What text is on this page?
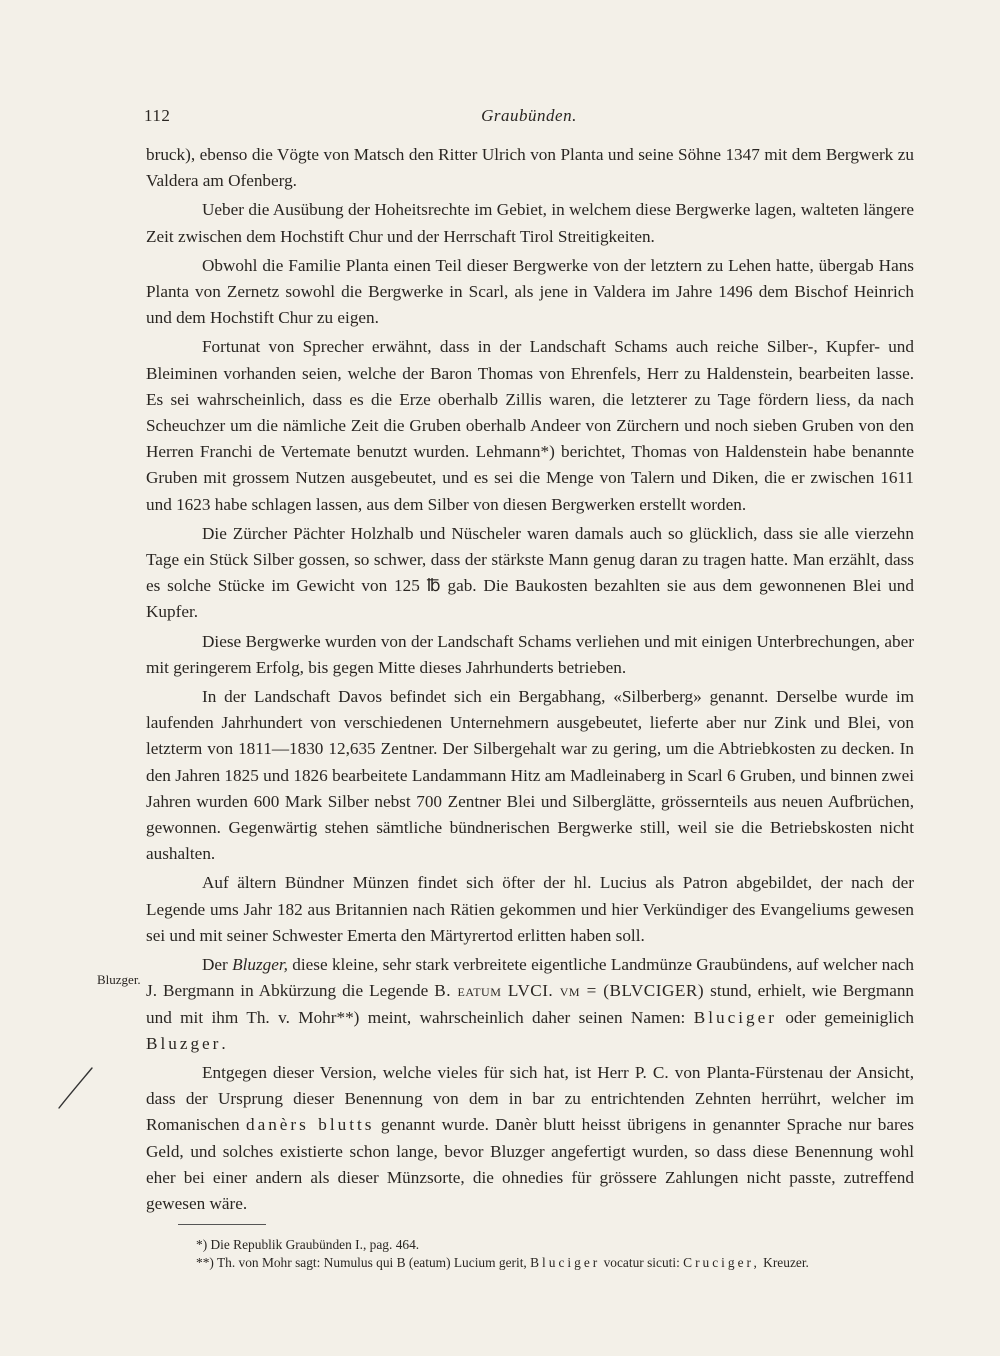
112	Graubünden.

bruck), ebenso die Vögte von Matsch den Ritter Ulrich von Planta und seine Söhne 1347 mit dem Bergwerk zu Valdera am Ofenberg.

Ueber die Ausübung der Hoheitsrechte im Gebiet, in welchem diese Bergwerke lagen, walteten längere Zeit zwischen dem Hochstift Chur und der Herrschaft Tirol Streitigkeiten.

Obwohl die Familie Planta einen Teil dieser Bergwerke von der letztern zu Lehen hatte, übergab Hans Planta von Zernetz sowohl die Bergwerke in Scarl, als jene in Valdera im Jahre 1496 dem Bischof Heinrich und dem Hochstift Chur zu eigen.

Fortunat von Sprecher erwähnt, dass in der Landschaft Schams auch reiche Silber-, Kupfer- und Bleiminen vorhanden seien, welche der Baron Thomas von Ehrenfels, Herr zu Haldenstein, bearbeiten lasse. Es sei wahrscheinlich, dass es die Erze oberhalb Zillis waren, die letzterer zu Tage fördern liess, da nach Scheuchzer um die nämliche Zeit die Gruben oberhalb Andeer von Zürchern und noch sieben Gruben von den Herren Franchi de Vertemate benutzt wurden. Lehmann*) berichtet, Thomas von Haldenstein habe benannte Gruben mit grossem Nutzen ausgebeutet, und es sei die Menge von Talern und Diken, die er zwischen 1611 und 1623 habe schlagen lassen, aus dem Silber von diesen Bergwerken erstellt worden.

Die Zürcher Pächter Holzhalb und Nüscheler waren damals auch so glücklich, dass sie alle vierzehn Tage ein Stück Silber gossen, so schwer, dass der stärkste Mann genug daran zu tragen hatte. Man erzählt, dass es solche Stücke im Gewicht von 125 ℔ gab. Die Baukosten bezahlten sie aus dem gewonnenen Blei und Kupfer.

Diese Bergwerke wurden von der Landschaft Schams verliehen und mit einigen Unterbrechungen, aber mit geringerem Erfolg, bis gegen Mitte dieses Jahrhunderts betrieben.

In der Landschaft Davos befindet sich ein Bergabhang, «Silberberg» genannt. Derselbe wurde im laufenden Jahrhundert von verschiedenen Unternehmern ausgebeutet, lieferte aber nur Zink und Blei, von letzterm von 1811—1830 12,635 Zentner. Der Silbergehalt war zu gering, um die Abtriebkosten zu decken. In den Jahren 1825 und 1826 bearbeitete Landammann Hitz am Madleinaberg in Scarl 6 Gruben, und binnen zwei Jahren wurden 600 Mark Silber nebst 700 Zentner Blei und Silberglätte, grössernteils aus neuen Aufbrüchen, gewonnen. Gegenwärtig stehen sämtliche bündnerischen Bergwerke still, weil sie die Betriebskosten nicht aushalten.

Auf ältern Bündner Münzen findet sich öfter der hl. Lucius als Patron abgebildet, der nach der Legende ums Jahr 182 aus Britannien nach Rätien gekommen und hier Verkündiger des Evangeliums gewesen sei und mit seiner Schwester Emerta den Märtyrertod erlitten haben soll.

Der Bluzger, diese kleine, sehr stark verbreitete eigentliche Landmünze Graubündens, auf welcher nach J. Bergmann in Abkürzung die Legende B. eatum LVCI. vm = (BLVCIGER) stund, erhielt, wie Bergmann und mit ihm Th. v. Mohr**) meint, wahrscheinlich daher seinen Namen: Bluciger oder gemeiniglich Bluzger.

Entgegen dieser Version, welche vieles für sich hat, ist Herr P. C. von Planta-Fürstenau der Ansicht, dass der Ursprung dieser Benennung von dem in bar zu entrichtenden Zehnten herrührt, welcher im Romanischen danèrs blutts genannt wurde. Danèr blutt heisst übrigens in genannter Sprache nur bares Geld, und solches existierte schon lange, bevor Bluzger angefertigt wurden, so dass diese Benennung wohl eher bei einer andern als dieser Münzsorte, die ohnedies für grössere Zahlungen nicht passte, zutreffend gewesen wäre.

Bluzger.
*) Die Republik Graubünden I., pag. 464.
**) Th. von Mohr sagt: Numulus qui B (eatum) Lucium gerit, Bluciger vocatur sicuti: Cruciger, Kreuzer.
